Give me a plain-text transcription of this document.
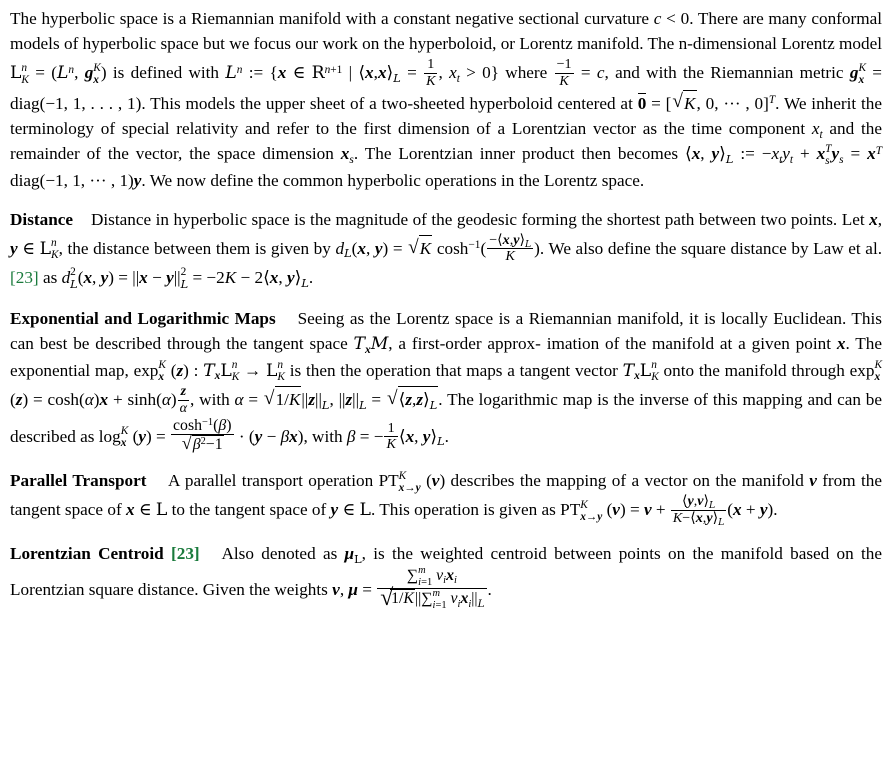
The hyperbolic space is a Riemannian manifold with a constant negative sectional curvature c < 0. There are many conformal models of hyperbolic space but we focus our work on the hyperboloid, or Lorentz manifold. The n-dimensional Lorentz model L n
$K = (L^n$, g K
x ) is defined with $L^n$ := {x ∈ $R^{n+1}$ | $⟨x,x⟩_L = \frac{1}{K}$ , $x_t > 0$} where $\frac{-1}{K} = c$, and with the Riemannian metric g K
x = diag(−1, 1, . . . , 1). This models the upper sheet of a two-sheeted hyperboloid centered at 0 = [ √ K, 0, ··· , 0]$^T$. We inherit the terminology of special relativity and refer to the first dimension of a Lorentzian vector as the time component $x_t$ and the remainder of the vector, the space dimension $x_s$. The Lorentzian inner product then becomes ⟨x, $y⟩_L$ := $-x_ty_t + x$ T
s $y_s = x^T$ diag(−1, 1, ··· , 1)y. We now define the common hyperbolic operations in the Lorentz space.

Distance    Distance in hyperbolic space is the magnitude of the geodesic forming the shortest path between two points. Let x, y ∈ L n
K , the distance between them is given by $d_L(x$, y) = √ K $\cosh^{-1}( \frac{-⟨x,y⟩_L}{K}$ ). We also define the square distance by Law et al. [23] as d 2
L (x, y) = ||x − y|| 2
L = −2K − 2⟨x, $y⟩_L$.

Exponential and Logarithmic Maps    Seeing as the Lorentz space is a Riemannian manifold, it is locally Euclidean. This can best be described through the tangent space $T_xM$, a first-order approx- imation of the manifold at a given point x. The exponential map, exp K
x (z) : $T_xL$ n
K → L n
K is then the operation that maps a tangent vector $T_xL$ n
K onto the manifold through exp K
x
$(z) = \cosh(\alpha)x + \sinh(\alpha) \frac{z}{\alpha}$ , with α = √ $1/K||z||_L$, $||z||_L$ = √ $⟨z,z⟩_L$. The logarithmic map is the inverse of this mapping and can be described as log K
x $(y) = \cosh^{-1}(\beta)$
√ $\beta^2-1 \cdot (y - \beta x)$, with β = − $\frac{1}{K}$ ⟨x, $y⟩_L$.

Parallel Transport    A parallel transport operation PT K
x→y (v) describes the mapping of a vector on the manifold v from the tangent space of x ∈ L to the tangent space of y ∈ L. This operation is given as PT K
x→y $(v) = v + \frac{⟨y,v⟩_L}{K-⟨x,y⟩_L} (x + y)$.

Lorentzian Centroid [23]   Also denoted as $\mu_L$, is the weighted centroid between points on the manifold based on the Lorentzian square distance. Given the weights ν, μ = ∑ m
i=1 $\nu_ix_i$
√ 1/K||∑ m
i=1 $\nu_ix_i||_L$ .
